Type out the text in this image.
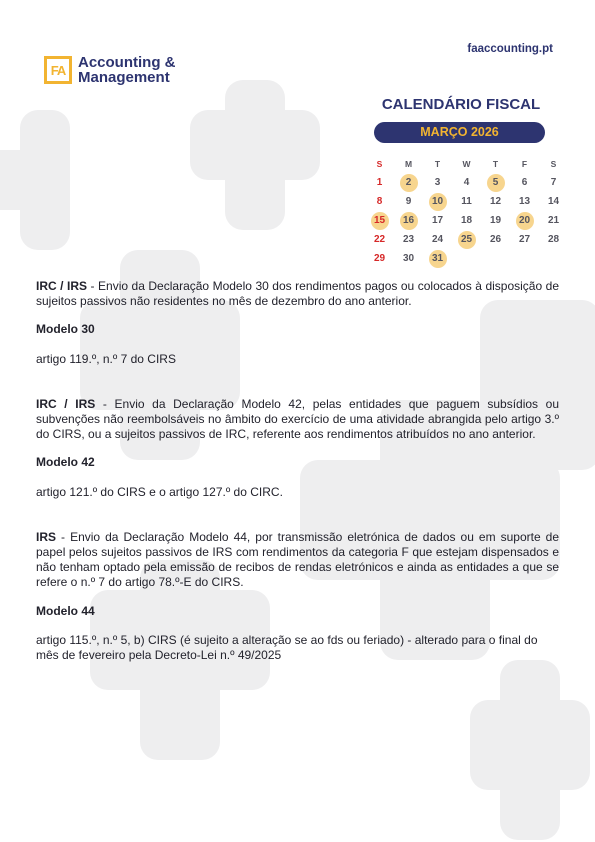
FA Accounting &
Management
faaccounting.pt
CALENDÁRIO FISCAL
MARÇO 2026
S	M	T	W	T	F	S
1	2	3 4	5	6 7
8 9	10	11 12 13 14
15	16	17 18 19	20	21
22 23 24	25	26 27 28
29 30	31

IRC / IRS - Envio da Declaração Modelo 30 dos rendimentos pagos ou colocados à disposição de sujeitos passivos não residentes no mês de dezembro do ano anterior.

Modelo 30

artigo 119.º, n.º 7 do CIRS

IRC / IRS - Envio da Declaração Modelo 42, pelas entidades que paguem subsídios ou subvenções não reembolsáveis no âmbito do exercício de uma atividade abrangida pelo artigo 3.º do CIRS, ou a sujeitos passivos de IRC, referente aos rendimentos atribuídos no ano anterior.

Modelo 42

artigo 121.º do CIRS e o artigo 127.º do CIRC.

IRS - Envio da Declaração Modelo 44, por transmissão eletrónica de dados ou em suporte de papel pelos sujeitos passivos de IRS com rendimentos da categoria F que estejam dispensados e não tenham optado pela emissão de recibos de rendas eletrónicos e ainda as entidades a que se refere o n.º 7 do artigo 78.º-E do CIRS.

Modelo 44

artigo 115.º, n.º 5, b) CIRS (é sujeito a alteração se ao fds ou feriado) - alterado para o final do mês de fevereiro pela Decreto-Lei n.º 49/2025
